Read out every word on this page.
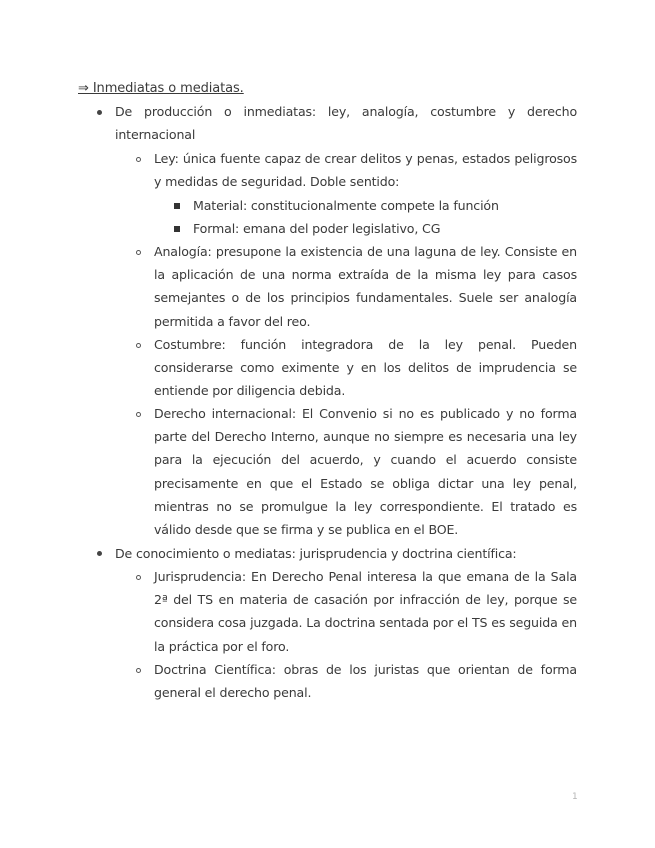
⇒ Inmediatas o mediatas.
De producción o inmediatas: ley, analogía, costumbre y derecho internacional
Ley: única fuente capaz de crear delitos y penas, estados peligrosos y medidas de seguridad. Doble sentido:
Material: constitucionalmente compete la función
Formal: emana del poder legislativo, CG
Analogía: presupone la existencia de una laguna de ley. Consiste en la aplicación de una norma extraída de la misma ley para casos semejantes o de los principios fundamentales. Suele ser analogía permitida a favor del reo.
Costumbre: función integradora de la ley penal. Pueden considerarse como eximente y en los delitos de imprudencia se entiende por diligencia debida.
Derecho internacional: El Convenio si no es publicado y no forma parte del Derecho Interno, aunque no siempre es necesaria una ley para la ejecución del acuerdo, y cuando el acuerdo consiste precisamente en que el Estado se obliga dictar una ley penal, mientras no se promulgue la ley correspondiente. El tratado es válido desde que se firma y se publica en el BOE.
De conocimiento o mediatas: jurisprudencia y doctrina científica:
Jurisprudencia: En Derecho Penal interesa la que emana de la Sala 2ª del TS en materia de casación por infracción de ley, porque se considera cosa juzgada. La doctrina sentada por el TS es seguida en la práctica por el foro.
Doctrina Científica: obras de los juristas que orientan de forma general el derecho penal.
1
